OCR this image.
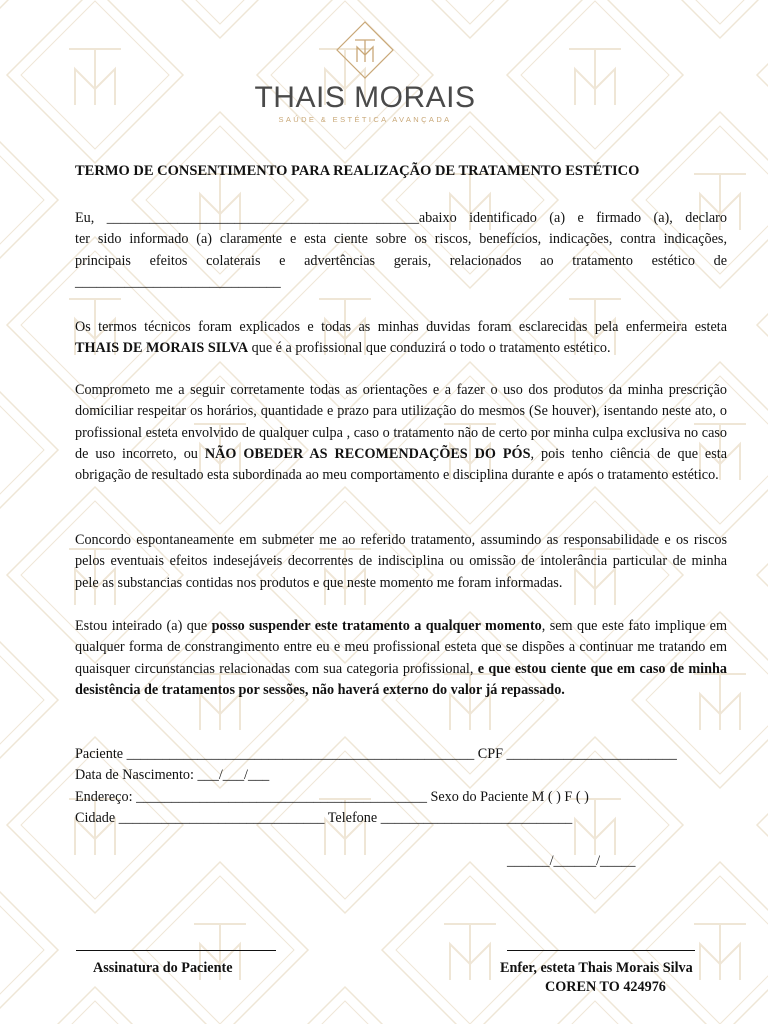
THAIS MORAIS
SAÚDE & ESTÉTICA AVANÇADA
TERMO DE CONSENTIMENTO PARA REALIZAÇÃO DE TRATAMENTO ESTÉTICO
Eu, ____________________________________________abaixo identificado (a) e firmado (a), declaro
ter sido informado (a) claramente e esta ciente sobre os riscos, benefícios, indicações, contra indicações,
principais efeitos colaterais e advertências gerais, relacionados ao tratamento estético de
_____________________________
Os termos técnicos foram explicados e todas as minhas duvidas foram esclarecidas pela enfermeira esteta
THAIS DE MORAIS SILVA que é a profissional que conduzirá o todo o tratamento estético.

Comprometo me a seguir corretamente todas as orientações e a fazer o uso dos produtos da minha prescrição domiciliar respeitar os horários, quantidade e prazo para utilização do mesmos (Se houver), isentando neste ato, o profissional esteta envolvido de qualquer culpa , caso o tratamento não de certo por minha culpa exclusiva no caso de uso incorreto, ou NÃO OBEDER AS RECOMENDAÇÕES DO PÓS, pois tenho ciência de que esta obrigação de resultado esta subordinada ao meu comportamento e disciplina durante e após o tratamento estético.

Concordo espontaneamente em submeter me ao referido tratamento, assumindo as responsabilidade e os riscos pelos eventuais efeitos indesejáveis decorrentes de indisciplina ou omissão de intolerância particular de minha pele as substancias contidas nos produtos e que neste momento me foram informadas.

Estou inteirado (a) que posso suspender este tratamento a qualquer momento, sem que este fato implique em qualquer forma de constrangimento entre eu e meu profissional esteta que se dispões a continuar me tratando em quaisquer circunstancias relacionadas com sua categoria profissional, e que estou ciente que em caso de minha desistência de tratamentos por sessões, não haverá externo do valor já repassado.

Paciente _________________________________________________ CPF ________________________
Data de Nascimento: ___/___/___
Endereço: _________________________________________ Sexo do Paciente M ( ) F ( )
Cidade _____________________________ Telefone ___________________________
______/______/_____
Assinatura do Paciente	Enfer, esteta Thais Morais Silva
COREN TO 424976
